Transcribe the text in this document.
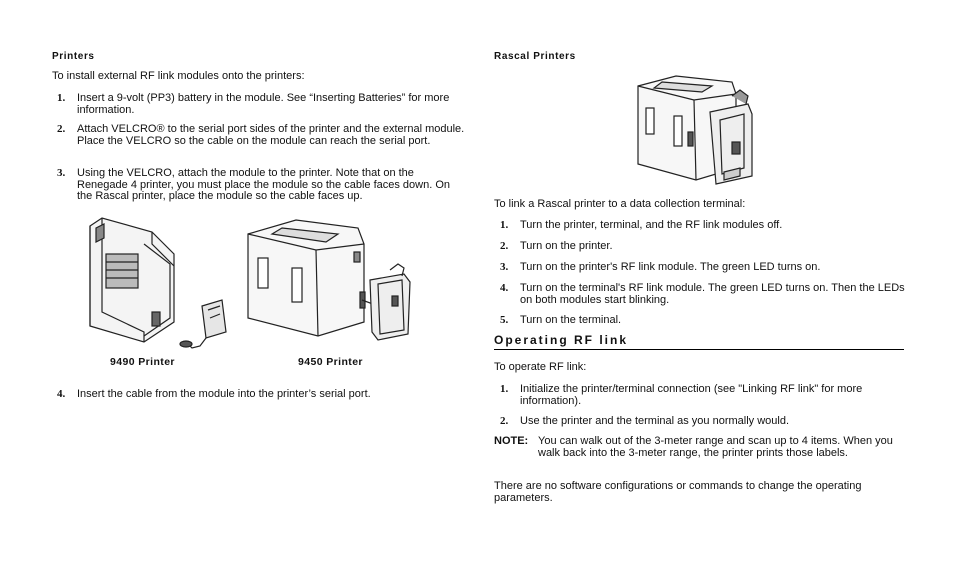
Printers
To install external RF link modules onto the printers:
1. Insert a 9-volt (PP3) battery in the module. See “Inserting Batteries” for more information.
2. Attach VELCRO® to the serial port sides of the printer and the external module. Place the VELCRO so the cable on the module can reach the serial port.
3. Using the VELCRO, attach the module to the printer. Note that on the Renegade 4 printer, you must place the module so the cable faces down. On the Rascal printer, place the module so the cable faces up.
9490 Printer	9450 Printer
4. Insert the cable from the module into the printer’s serial port.
Rascal Printers
To link a Rascal printer to a data collection terminal:
1. Turn the printer, terminal, and the RF link modules off.
2. Turn on the printer.
3. Turn on the printer's RF link module. The green LED turns on.
4. Turn on the terminal's RF link module. The green LED turns on. Then the LEDs on both modules start blinking.
5. Turn on the terminal.
Operating RF link
To operate RF link:
1. Initialize the printer/terminal connection (see "Linking RF link" for more information).
2. Use the printer and the terminal as you normally would.
NOTE: You can walk out of the 3-meter range and scan up to 4 items. When you walk back into the 3-meter range, the printer prints those labels.
There are no software configurations or commands to change the operating parameters.
